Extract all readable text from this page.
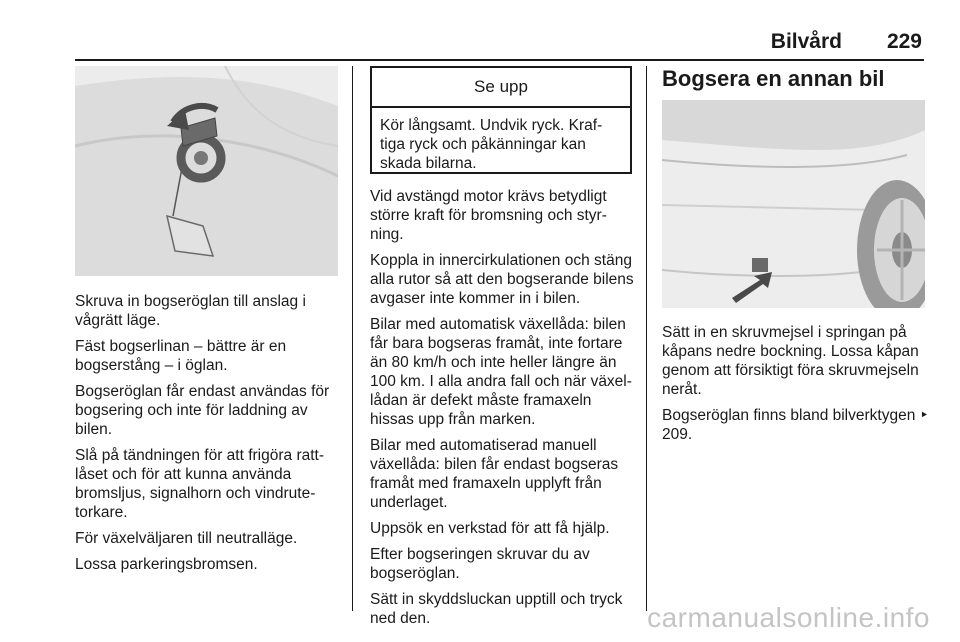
Bilvård 229

Skruva in bogseröglan till anslag i vågrätt läge.

Fäst bogserlinan – bättre är en bogserstång – i öglan.

Bogseröglan får endast användas för bogsering och inte för laddning av bilen.

Slå på tändningen för att frigöra rattlåset och för att kunna använda bromsljus, signalhorn och vindrutetorkare.

För växelväljaren till neutralläge.

Lossa parkeringsbromsen.

Se upp
Kör långsamt. Undvik ryck. Kraftiga ryck och påkänningar kan skada bilarna.

Vid avstängd motor krävs betydligt större kraft för bromsning och styrning.

Koppla in innercirkulationen och stäng alla rutor så att den bogserande bilens avgaser inte kommer in i bilen.

Bilar med automatisk växellåda: bilen får bara bogseras framåt, inte fortare än 80 km/h och inte heller längre än 100 km. I alla andra fall och när växellådan är defekt måste framaxeln hissas upp från marken.

Bilar med automatiserad manuell växellåda: bilen får endast bogseras framåt med framaxeln upplyft från underlaget.

Uppsök en verkstad för att få hjälp.

Efter bogseringen skruvar du av bogseröglan.

Sätt in skyddsluckan upptill och tryck ned den.

Bogsera en annan bil

Sätt in en skruvmejsel i springan på kåpans nedre bockning. Lossa kåpan genom att försiktigt föra skruvmejseln neråt.

Bogseröglan finns bland bilverktygen ‣ 209.

carmanualsonline.info
